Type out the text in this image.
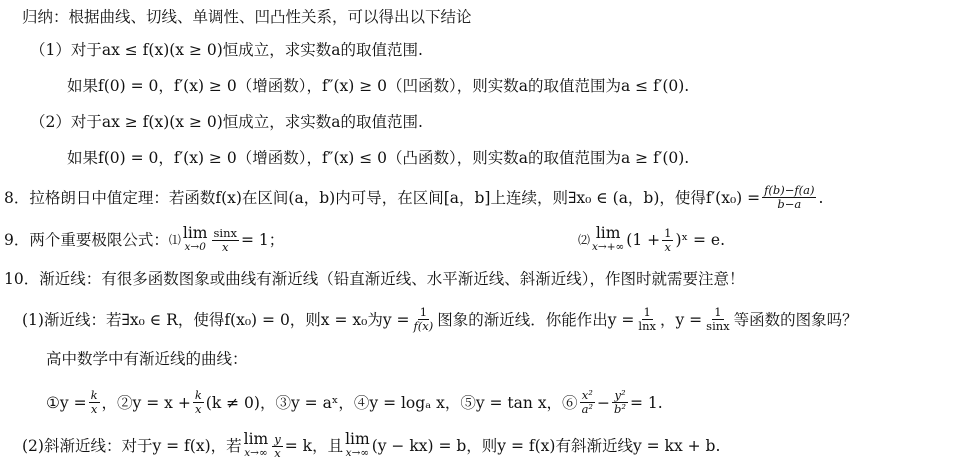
归纳：根据曲线、切线、单调性、凹凸性关系，可以得出以下结论
（1）对于ax ≤ f(x)(x ≥ 0)恒成立，求实数a的取值范围.
如果f(0) = 0，f′(x) ≥ 0（增函数），f″(x) ≥ 0（凹函数），则实数a的取值范围为a ≤ f′(0).
（2）对于ax ≥ f(x)(x ≥ 0)恒成立，求实数a的取值范围.
如果f(0) = 0，f′(x) ≥ 0（增函数），f″(x) ≤ 0（凸函数），则实数a的取值范围为a ≥ f′(0).
8．拉格朗日中值定理：若函数f(x)在区间(a，b)内可导，在区间[a，b]上连续，则∃x₀ ∈ (a，b)，使得$f'(x_0) = \frac{f(b)-f(a)}{b-a}$ .
9．两个重要极限公式： ⑴ lim
$x\to 0 \frac{\sin x}{x} = 1$；	⑵ lim
x→+∞ ($1 + \frac{1}{x}$ )ˣ = e.
10．渐近线：有很多函数图象或曲线有渐近线（铅直渐近线、水平渐近线、斜渐近线），作图时就需要注意！
(1)渐近线：若∃x₀ ∈ R，使得f(x₀) = 0，则x = x₀为$y = \frac{1}{f(x)}$ 图象的渐近线．你能作出$y = \frac{1}{\ln x}$ ，$y = \frac{1}{\sin x}$ 等函数的图象吗？
高中数学中有渐近线的曲线：
①y = $\frac{k}{x}$ ，②y = $x + \frac{k}{x} (k \ne 0)$，③y = aˣ，④y = logₐ x，⑤y = tan x，⑥ $\frac{\text{x²}}{\text{a²}} - \frac{\text{y²}}{\text{b²}} = 1$.
(2)斜渐近线：对于y = f(x)，若 lim
$x\to\infty \frac{y}{x} = k$，且 lim
x→∞ (y − kx) = b，则y = f(x)有斜渐近线y = kx + b.
